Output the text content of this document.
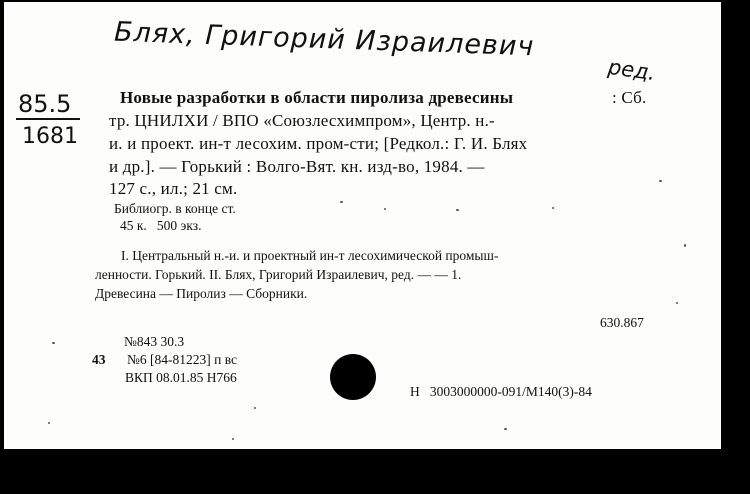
Бляx, Григорий Израилевич
ред.
85.5
1681
Новые разработки в области пиролиза древесины	: Сб.
тр. ЦНИЛХИ / ВПО «Союзлесхимпром», Центр. н.-
и. и проект. ин-т лесохим. пром-сти; [Редкол.: Г. И. Блях
и др.]. — Горький : Волго-Вят. кн. изд-во, 1984. —
127 с., ил.; 21 см.
Библиогр. в конце ст.
45 к.   500 экз.
I. Центральный н.-и. и проектный ин-т лесохимической промыш-
ленности. Горький. II. Блях, Григорий Израилевич, ред. — — 1.
Древесина — Пиролиз — Сборники.
630.867
№843 30.3
43 №6 [84-81223] п вс
ВКП 08.01.85 Н766
Н   3003000000-091/М140(3)-84
